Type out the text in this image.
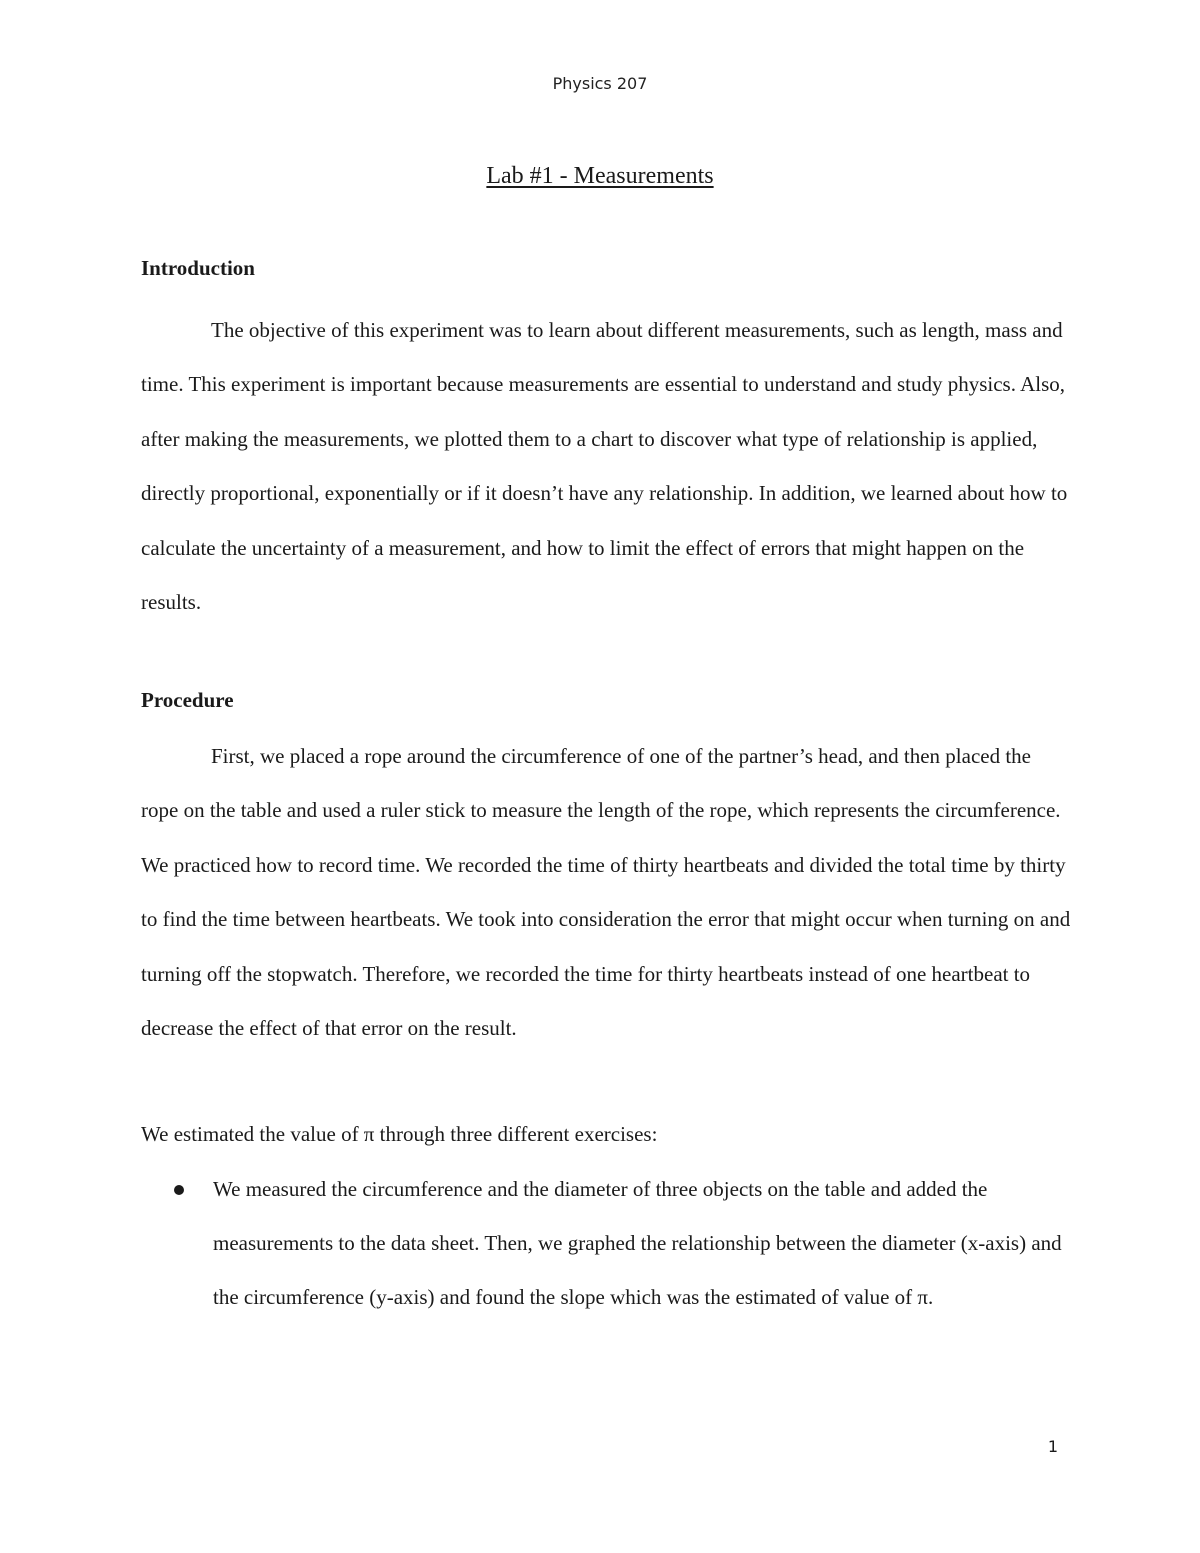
Physics 207
Lab #1 - Measurements
Introduction

The objective of this experiment was to learn about different measurements, such as length, mass and time. This experiment is important because measurements are essential to understand and study physics. Also, after making the measurements, we plotted them to a chart to discover what type of relationship is applied, directly proportional, exponentially or if it doesn’t have any relationship. In addition, we learned about how to calculate the uncertainty of a measurement, and how to limit the effect of errors that might happen on the results.

Procedure

First, we placed a rope around the circumference of one of the partner’s head, and then placed the rope on the table and used a ruler stick to measure the length of the rope, which represents the circumference. We practiced how to record time. We recorded the time of thirty heartbeats and divided the total time by thirty to find the time between heartbeats. We took into consideration the error that might occur when turning on and turning off the stopwatch. Therefore, we recorded the time for thirty heartbeats instead of one heartbeat to decrease the effect of that error on the result.

We estimated the value of π through three different exercises:

We measured the circumference and the diameter of three objects on the table and added the measurements to the data sheet. Then, we graphed the relationship between the diameter (x-axis) and the circumference (y-axis) and found the slope which was the estimated of value of π.

1
